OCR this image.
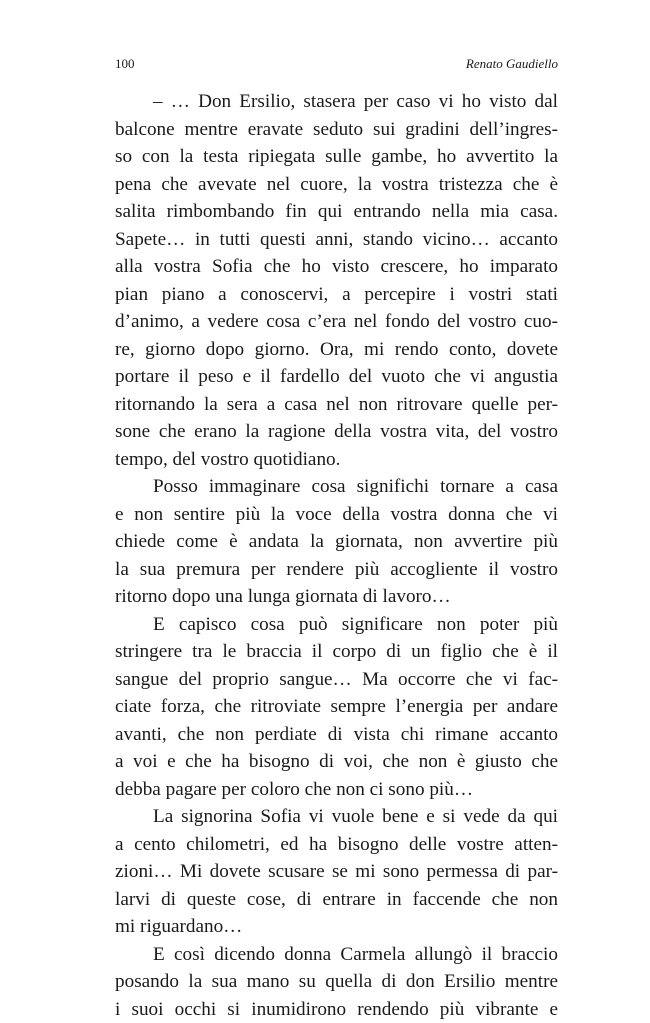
100	Renato Gaudiello
– … Don Ersilio, stasera per caso vi ho visto dal
balcone mentre eravate seduto sui gradini dell’ingres-
so con la testa ripiegata sulle gambe, ho avvertito la
pena che avevate nel cuore, la vostra tristezza che è
salita rimbombando fin qui entrando nella mia casa.
Sapete… in tutti questi anni, stando vicino… accanto
alla vostra Sofia che ho visto crescere, ho imparato
pian piano a conoscervi, a percepire i vostri stati
d’animo, a vedere cosa c’era nel fondo del vostro cuo-
re, giorno dopo giorno. Ora, mi rendo conto, dovete
portare il peso e il fardello del vuoto che vi angustia
ritornando la sera a casa nel non ritrovare quelle per-
sone che erano la ragione della vostra vita, del vostro
tempo, del vostro quotidiano.
Posso immaginare cosa significhi tornare a casa
e non sentire più la voce della vostra donna che vi
chiede come è andata la giornata, non avvertire più
la sua premura per rendere più accogliente il vostro
ritorno dopo una lunga giornata di lavoro…
E capisco cosa può significare non poter più
stringere tra le braccia il corpo di un figlio che è il
sangue del proprio sangue… Ma occorre che vi fac-
ciate forza, che ritroviate sempre l’energia per andare
avanti, che non perdiate di vista chi rimane accanto
a voi e che ha bisogno di voi, che non è giusto che
debba pagare per coloro che non ci sono più…
La signorina Sofia vi vuole bene e si vede da qui
a cento chilometri, ed ha bisogno delle vostre atten-
zioni… Mi dovete scusare se mi sono permessa di par-
larvi di queste cose, di entrare in faccende che non
mi riguardano…
E così dicendo donna Carmela allungò il braccio
posando la sua mano su quella di don Ersilio mentre
i suoi occhi si inumidirono rendendo più vibrante e
